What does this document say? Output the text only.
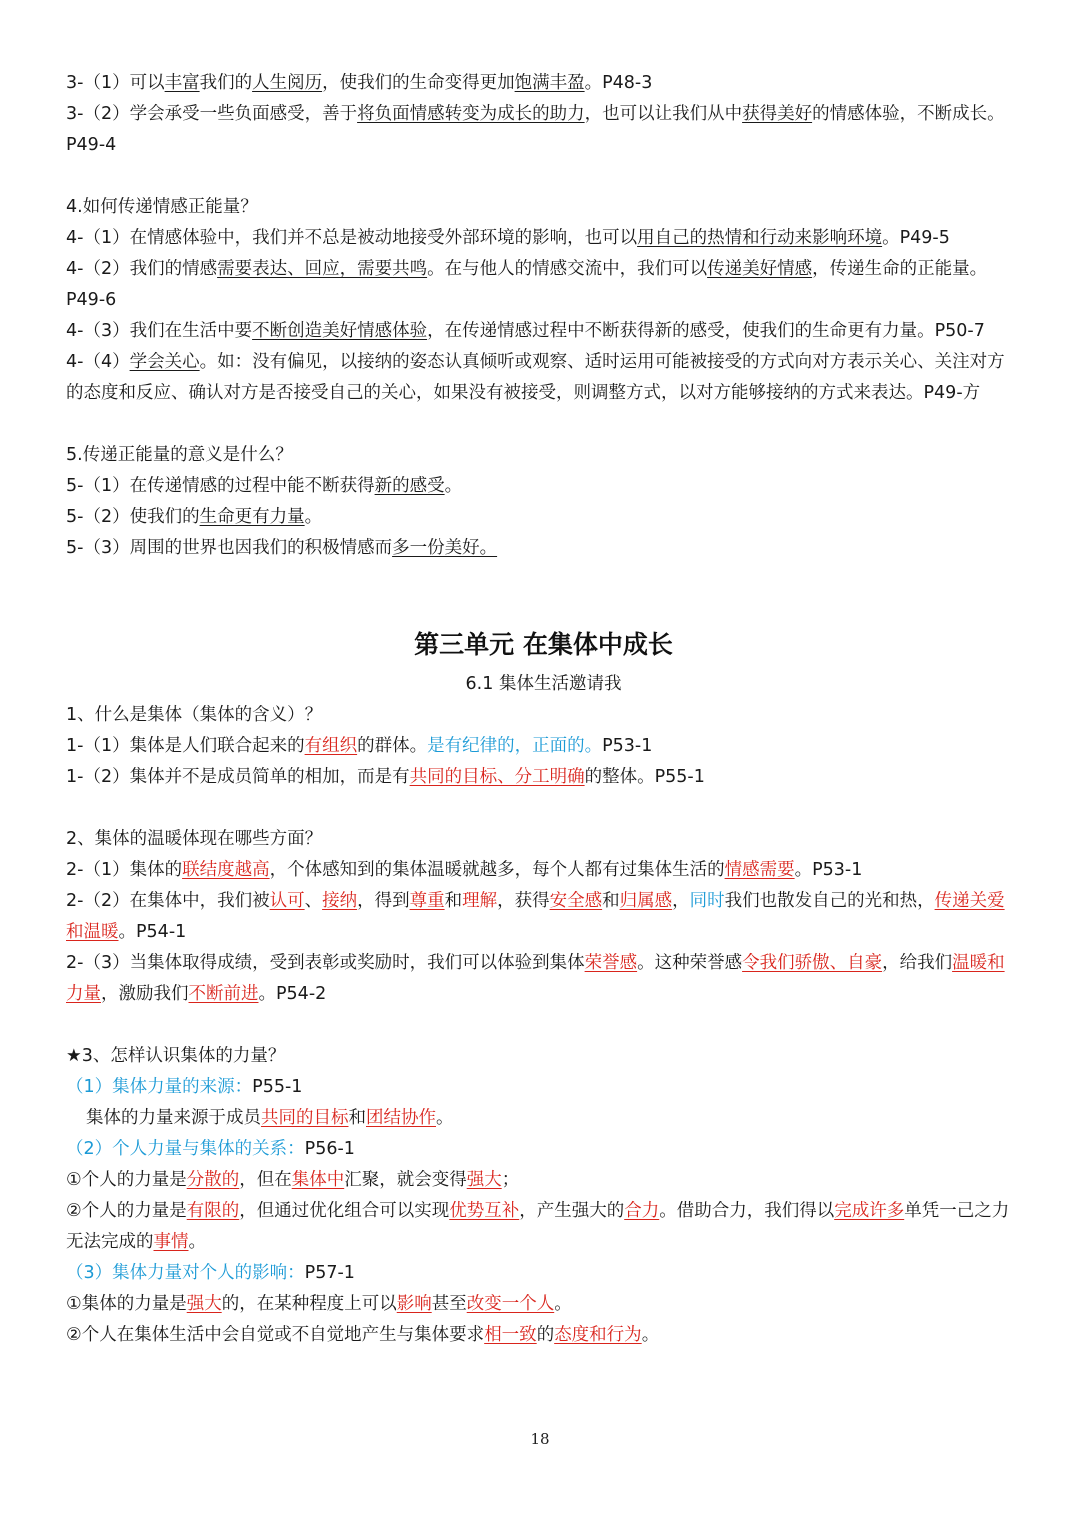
3-（1）可以丰富我们的人生阅历，使我们的生命变得更加饱满丰盈。P48-3
3-（2）学会承受一些负面感受，善于将负面情感转变为成长的助力，也可以让我们从中获得美好的情感体验，不断成长。P49-4
4.如何传递情感正能量？
4-（1）在情感体验中，我们并不总是被动地接受外部环境的影响，也可以用自己的热情和行动来影响环境。P49-5
4-（2）我们的情感需要表达、回应，需要共鸣。在与他人的情感交流中，我们可以传递美好情感，传递生命的正能量。P49-6
4-（3）我们在生活中要不断创造美好情感体验，在传递情感过程中不断获得新的感受，使我们的生命更有力量。P50-7
4-（4）学会关心。如：没有偏见，以接纳的姿态认真倾听或观察、适时运用可能被接受的方式向对方表示关心、关注对方的态度和反应、确认对方是否接受自己的关心，如果没有被接受，则调整方式，以对方能够接纳的方式来表达。P49-方
5.传递正能量的意义是什么？
5-（1）在传递情感的过程中能不断获得新的感受。
5-（2）使我们的生命更有力量。
5-（3）周围的世界也因我们的积极情感而多一份美好。
第三单元 在集体中成长
6.1 集体生活邀请我
1、什么是集体（集体的含义）？
1-（1）集体是人们联合起来的有组织的群体。是有纪律的，正面的。P53-1
1-（2）集体并不是成员简单的相加，而是有共同的目标、分工明确的整体。P55-1
2、集体的温暖体现在哪些方面？
2-（1）集体的联结度越高，个体感知到的集体温暖就越多，每个人都有过集体生活的情感需要。P53-1
2-（2）在集体中，我们被认可、接纳，得到尊重和理解，获得安全感和归属感，同时我们也散发自己的光和热，传递关爱和温暖。P54-1
2-（3）当集体取得成绩，受到表彰或奖励时，我们可以体验到集体荣誉感。这种荣誉感令我们骄傲、自豪，给我们温暖和力量，激励我们不断前进。P54-2
★3、怎样认识集体的力量？
（1）集体力量的来源：P55-1
集体的力量来源于成员共同的目标和团结协作。
（2）个人力量与集体的关系：P56-1
①个人的力量是分散的，但在集体中汇聚，就会变得强大；
②个人的力量是有限的，但通过优化组合可以实现优势互补，产生强大的合力。借助合力，我们得以完成许多单凭一己之力无法完成的事情。
（3）集体力量对个人的影响：P57-1
①集体的力量是强大的，在某种程度上可以影响甚至改变一个人。
②个人在集体生活中会自觉或不自觉地产生与集体要求相一致的态度和行为。
18
